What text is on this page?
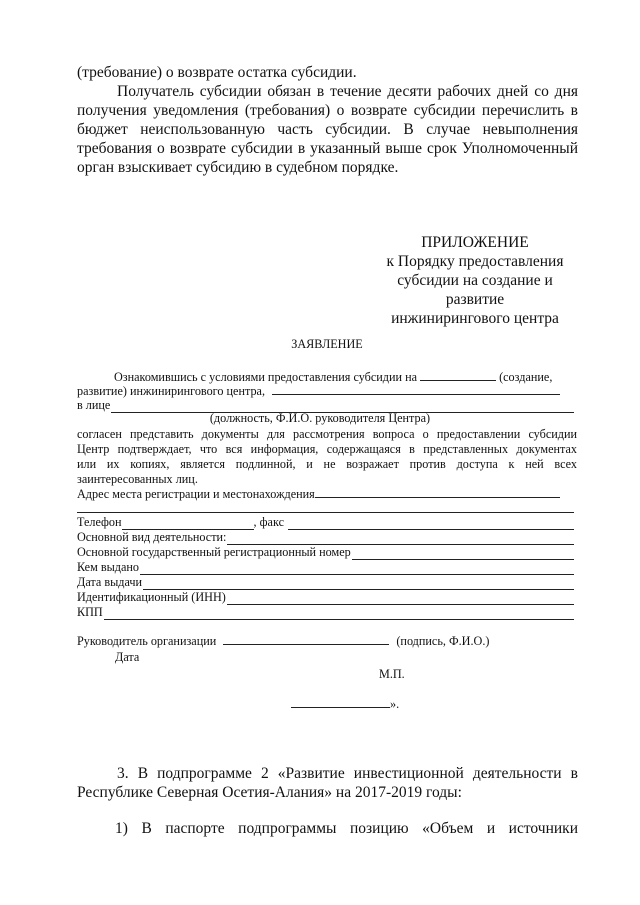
(требование) о возврате остатка субсидии.
Получатель субсидии обязан в течение десяти рабочих дней со дня
получения уведомления (требования) о возврате субсидии перечислить в
бюджет неиспользованную часть субсидии. В случае невыполнения
требования о возврате субсидии в указанный выше срок Уполномоченный
орган взыскивает субсидию в судебном порядке.
ПРИЛОЖЕНИЕ
к Порядку предоставления
субсидии на создание и
развитие
инжинирингового центра
ЗАЯВЛЕНИЕ
Ознакомившись с условиями предоставления субсидии на	(создание,
развитие) инжинирингового центра,
в лице
(должность, Ф.И.О. руководителя Центра)
согласен представить документы для рассмотрения вопроса о предоставлении субсидии
Центр подтверждает, что вся информация, содержащаяся в представленных документах
или их копиях, является подлинной, и не возражает против доступа к ней всех
заинтересованных лиц.
Адрес места регистрации и местонахождения
Телефон	, факс
Основной вид деятельности:
Основной государственный регистрационный номер
Кем выдано
Дата выдачи
Идентификационный (ИНН)
КПП
Руководитель организации	(подпись, Ф.И.О.)
Дата
М.П.
».
3. В подпрограмме 2 «Развитие инвестиционной деятельности в
Республике Северная Осетия-Алания» на 2017-2019 годы:
1) В паспорте подпрограммы позицию «Объем и источники
